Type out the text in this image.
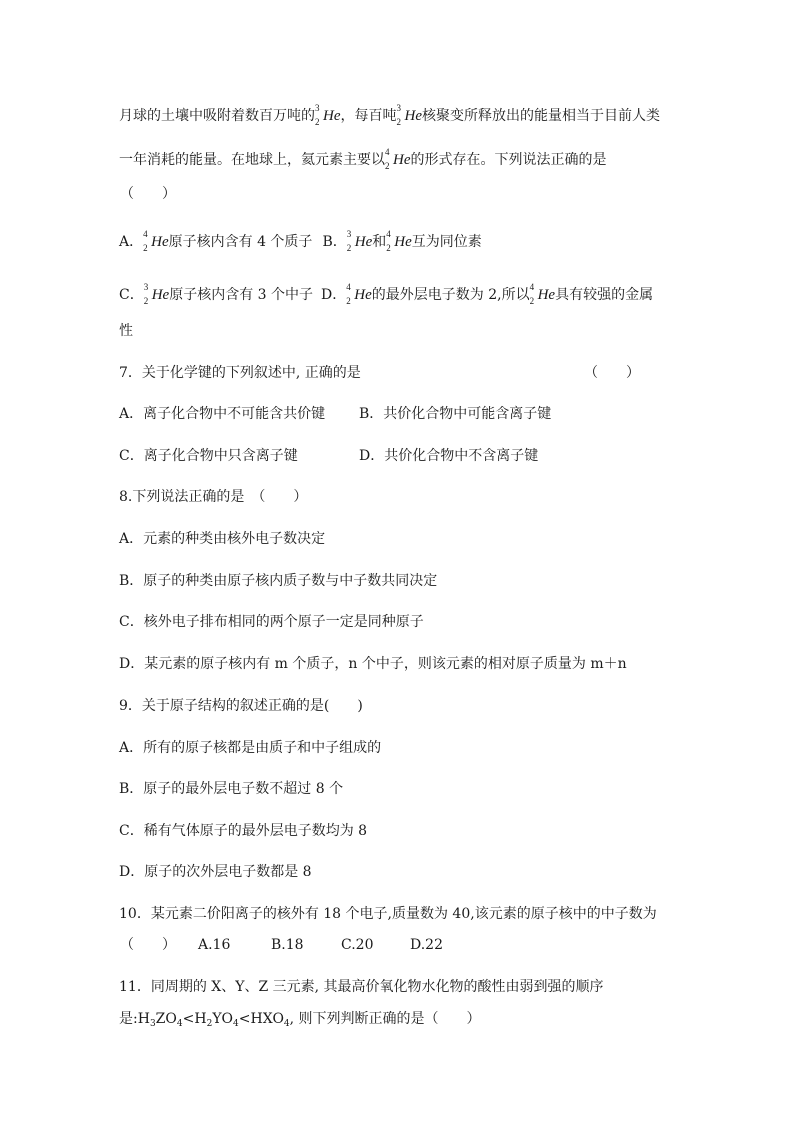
月球的土壤中吸附着数百万吨的 3
2 He，每百吨 3
2 He核聚变所释放出的能量相当于目前人类
一年消耗的能量。在地球上，氦元素主要以 4
2 He的形式存在。下列说法正确的是
（　　）
A． 4
2 He原子核内含有 4 个质子 B． 3
2 He和 4
2 He互为同位素
C． 3
2 He原子核内含有 3 个中子 D． 4
2 He的最外层电子数为 2,所以 4
2 He具有较强的金属
性
7．关于化学键的下列叙述中, 正确的是	（　　）
A．离子化合物中不可能含共价键 B．共价化合物中可能含离子键
C．离子化合物中只含离子键	D．共价化合物中不含离子键
8.下列说法正确的是　（　　）
A．元素的种类由核外电子数决定
B．原子的种类由原子核内质子数与中子数共同决定
C．核外电子排布相同的两个原子一定是同种原子
D．某元素的原子核内有 m 个质子，n 个中子，则该元素的相对原子质量为 m＋n
9．关于原子结构的叙述正确的是(　　)
A．所有的原子核都是由质子和中子组成的
B．原子的最外层电子数不超过 8 个
C．稀有气体原子的最外层电子数均为 8
D．原子的次外层电子数都是 8
10．某元素二价阳离子的核外有 18 个电子,质量数为 40,该元素的原子核中的中子数为
（　　） A.16	B.18	C.20	D.22
11．同周期的 X、Y、Z 三元素, 其最高价氧化物水化物的酸性由弱到强的顺序
是$:H_3ZO_4<H_2YO_4<HXO_4$, 则下列判断正确的是（　　）
